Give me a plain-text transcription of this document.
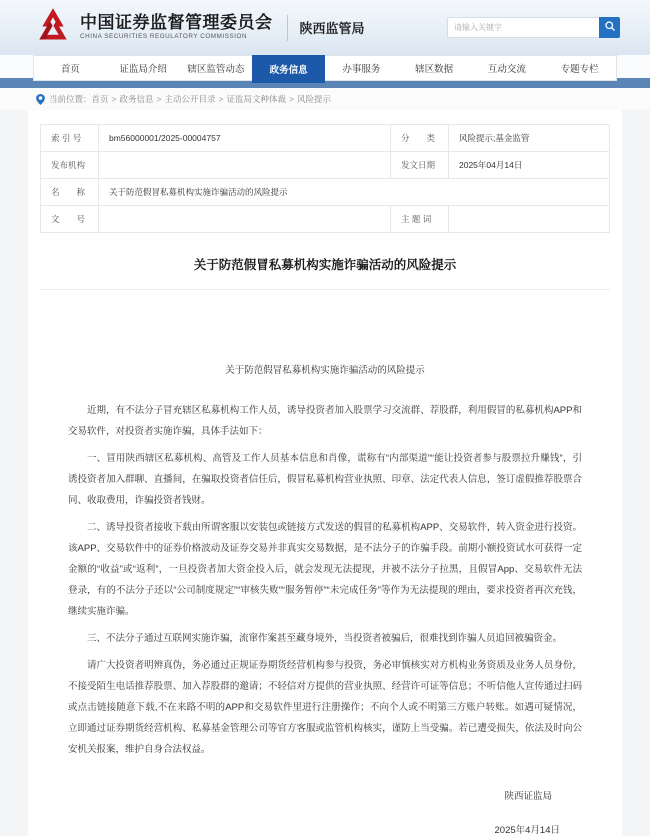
中国证券监督管理委员会
CHINA SECURITIES REGULATORY COMMISSION
陕西监管局
请输入关键字
首页	证监局介绍	辖区监管动态	政务信息	办事服务	辖区数据	互动交流	专题专栏
当前位置： 首页 > 政务信息 > 主动公开目录 > 证监局文种体裁 > 风险提示
索 引 号	bm56000001/2025-00004757	分　　类	风险提示;基金监管
发布机构		发文日期	2025年04月14日
名　　称	关于防范假冒私募机构实施诈骗活动的风险提示		
文　　号		主 题 词	
关于防范假冒私募机构实施诈骗活动的风险提示
关于防范假冒私募机构实施诈骗活动的风险提示

近期，有不法分子冒充辖区私募机构工作人员，诱导投资者加入股票学习交流群、荐股群，利用假冒的私募机构APP和交易软件，对投资者实施诈骗，具体手法如下：

一、冒用陕西辖区私募机构、高管及工作人员基本信息和肖像，谎称有“内部渠道”“能让投资者参与股票拉升赚钱”，引诱投资者加入群聊、直播间，在骗取投资者信任后，假冒私募机构营业执照、印章、法定代表人信息，签订虚假推荐股票合同、收取费用，诈骗投资者钱财。

二、诱导投资者接收下载由所谓客服以安装包或链接方式发送的假冒的私募机构APP、交易软件，转入资金进行投资。该APP、交易软件中的证券价格波动及证券交易并非真实交易数据，是不法分子的诈骗手段。前期小额投资试水可获得一定金额的“收益”或“返利”，一旦投资者加大资金投入后，就会发现无法提现，并被不法分子拉黑，且假冒App、交易软件无法登录，有的不法分子还以“公司制度规定”“审核失败”“服务暂停”“未完成任务”等作为无法提现的理由，要求投资者再次充钱，继续实施诈骗。

三、不法分子通过互联网实施诈骗，流窜作案甚至藏身境外，当投资者被骗后，很难找到诈骗人员追回被骗资金。

请广大投资者明辨真伪，务必通过正规证券期货经营机构参与投资，务必审慎核实对方机构业务资质及业务人员身份，不接受陌生电话推荐股票、加入荐股群的邀请；不轻信对方提供的营业执照、经营许可证等信息；不听信他人宣传通过扫码或点击链接随意下载,不在来路不明的APP和交易软件里进行注册操作；不向个人或不明第三方账户转账。如遇可疑情况，立即通过证券期货经营机构、私募基金管理公司等官方客服或监管机构核实，谨防上当受骗。若已遭受损失，依法及时向公安机关报案，维护自身合法权益。

陕西证监局
2025年4月14日
